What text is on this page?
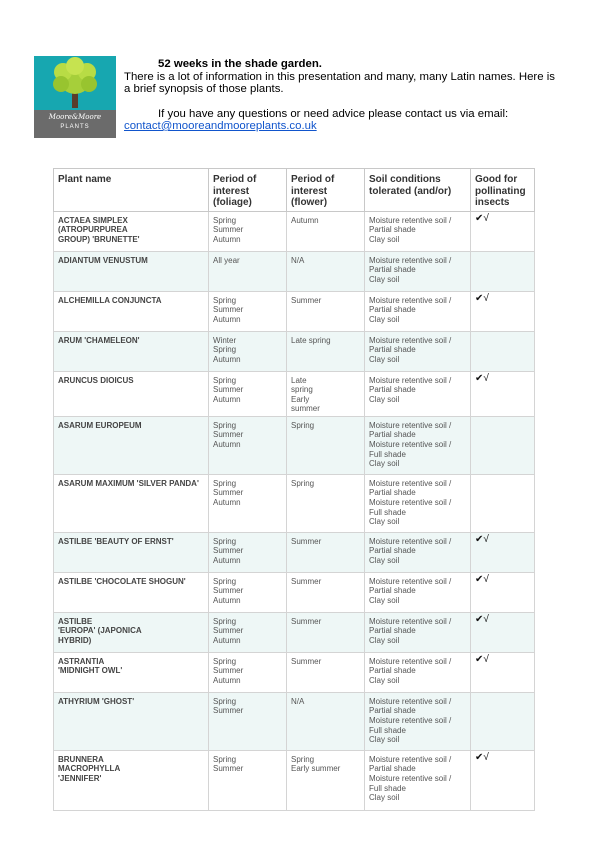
Moore&Moore
PLANTS
52 weeks in the shade garden.
There is a lot of information in this presentation and many, many Latin names. Here is a brief synopsis of those plants.
If you have any questions or need advice please contact us via email:
contact@mooreandmooreplants.co.uk
Plant name	Period of interest (foliage)	Period of interest (flower)	Soil conditions tolerated (and/or)	Good for pollinating insects

ACTAEA SIMPLEX
(ATROPURPUREA
GROUP) 'BRUNETTE'	Spring
Summer
Autumn	Autumn	Moisture retentive soil /
Partial shade
Clay soil	✔√

ADIANTUM VENUSTUM	All year	N/A	Moisture retentive soil /
Partial shade
Clay soil	

ALCHEMILLA CONJUNCTA	Spring
Summer
Autumn	Summer	Moisture retentive soil /
Partial shade
Clay soil	✔√

ARUM 'CHAMELEON'	Winter
Spring
Autumn	Late spring	Moisture retentive soil /
Partial shade
Clay soil	

ARUNCUS DIOICUS	Spring
Summer
Autumn	Late
spring
Early
summer	Moisture retentive soil /
Partial shade
Clay soil	✔√

ASARUM EUROPEUM	Spring
Summer
Autumn	Spring	Moisture retentive soil /
Partial shade
Moisture retentive soil /
Full shade
Clay soil	

ASARUM MAXIMUM 'SILVER PANDA'	Spring
Summer
Autumn	Spring	Moisture retentive soil /
Partial shade
Moisture retentive soil /
Full shade
Clay soil	

ASTILBE 'BEAUTY OF ERNST'	Spring
Summer
Autumn	Summer	Moisture retentive soil /
Partial shade
Clay soil	✔√

ASTILBE 'CHOCOLATE SHOGUN'	Spring
Summer
Autumn	Summer	Moisture retentive soil /
Partial shade
Clay soil	✔√

ASTILBE
'EUROPA' (JAPONICA
HYBRID)	Spring
Summer
Autumn	Summer	Moisture retentive soil /
Partial shade
Clay soil	✔√

ASTRANTIA
'MIDNIGHT OWL'	Spring
Summer
Autumn	Summer	Moisture retentive soil /
Partial shade
Clay soil	✔√

ATHYRIUM 'GHOST'	Spring
Summer	N/A	Moisture retentive soil /
Partial shade
Moisture retentive soil /
Full shade
Clay soil	

BRUNNERA
MACROPHYLLA
'JENNIFER'	Spring
Summer	Spring
Early summer	Moisture retentive soil /
Partial shade
Moisture retentive soil /
Full shade
Clay soil	✔√
